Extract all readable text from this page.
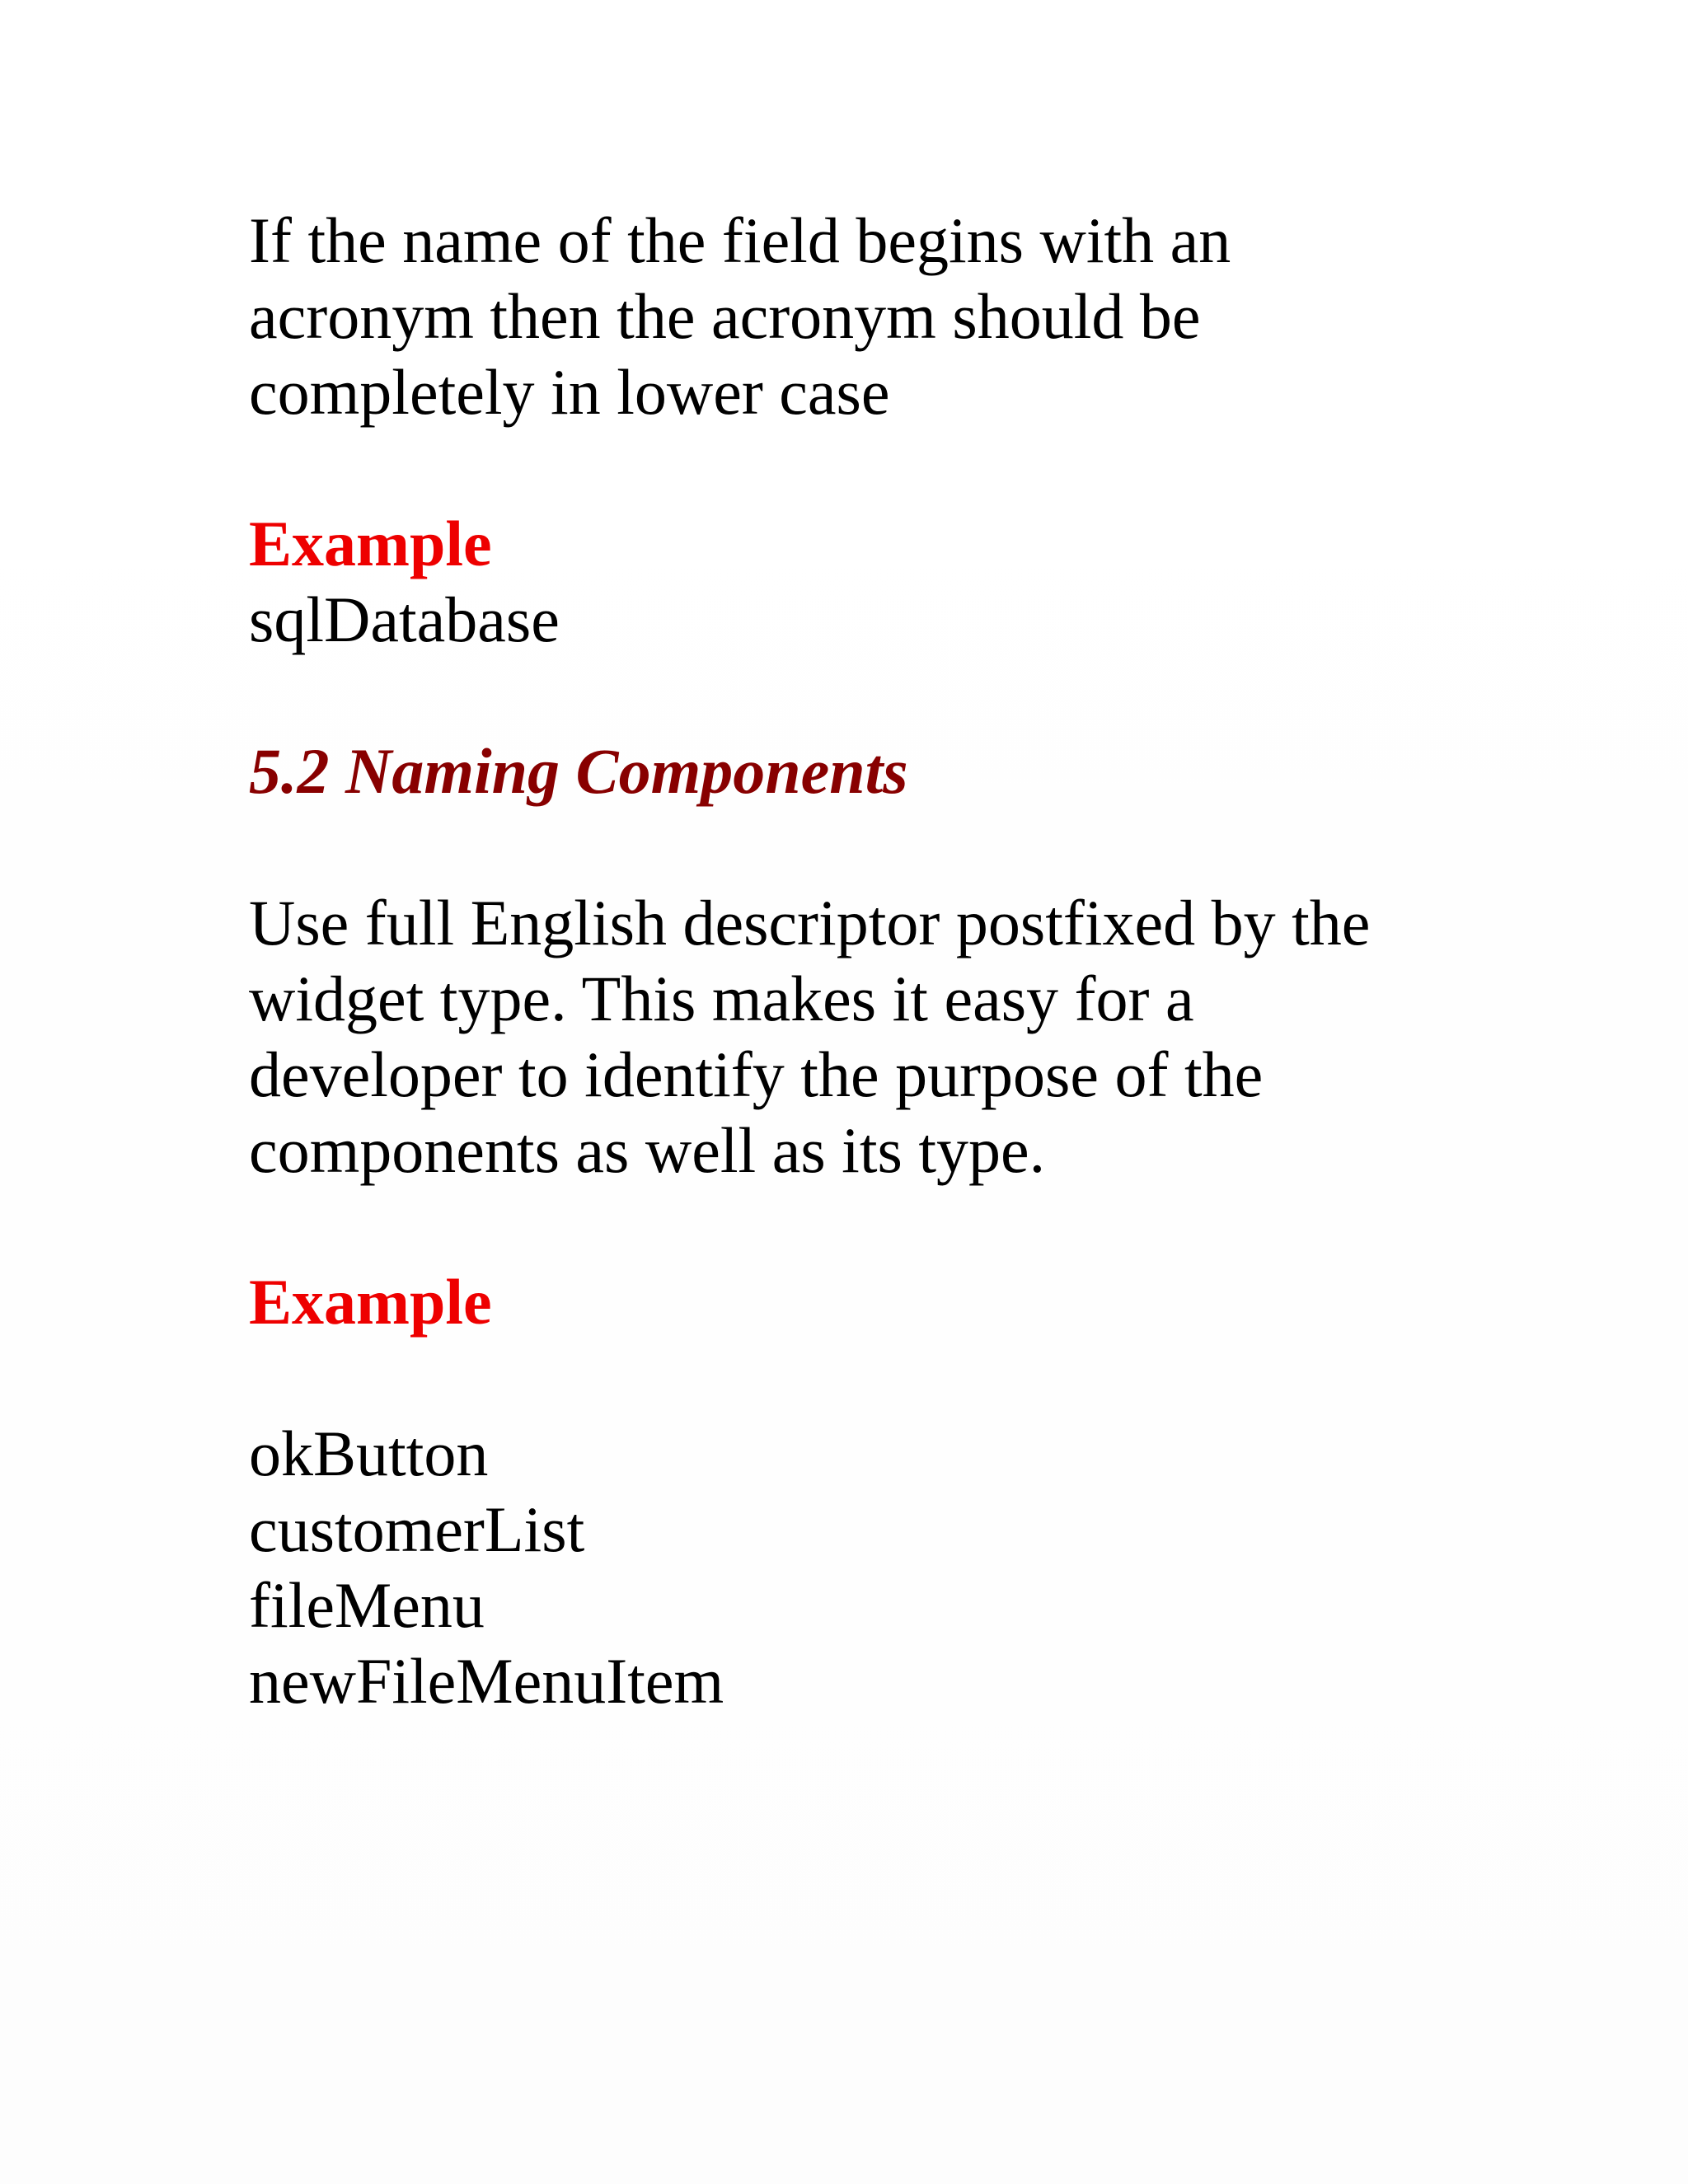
If the name of the field begins with an
acronym then the acronym should be
completely in lower case

Example

sqlDatabase

5.2 Naming Components

Use full English descriptor postfixed by the
widget type. This makes it easy for a
developer to identify the purpose of the
components as well as its type.

Example

okButton
customerList
fileMenu
newFileMenuItem
